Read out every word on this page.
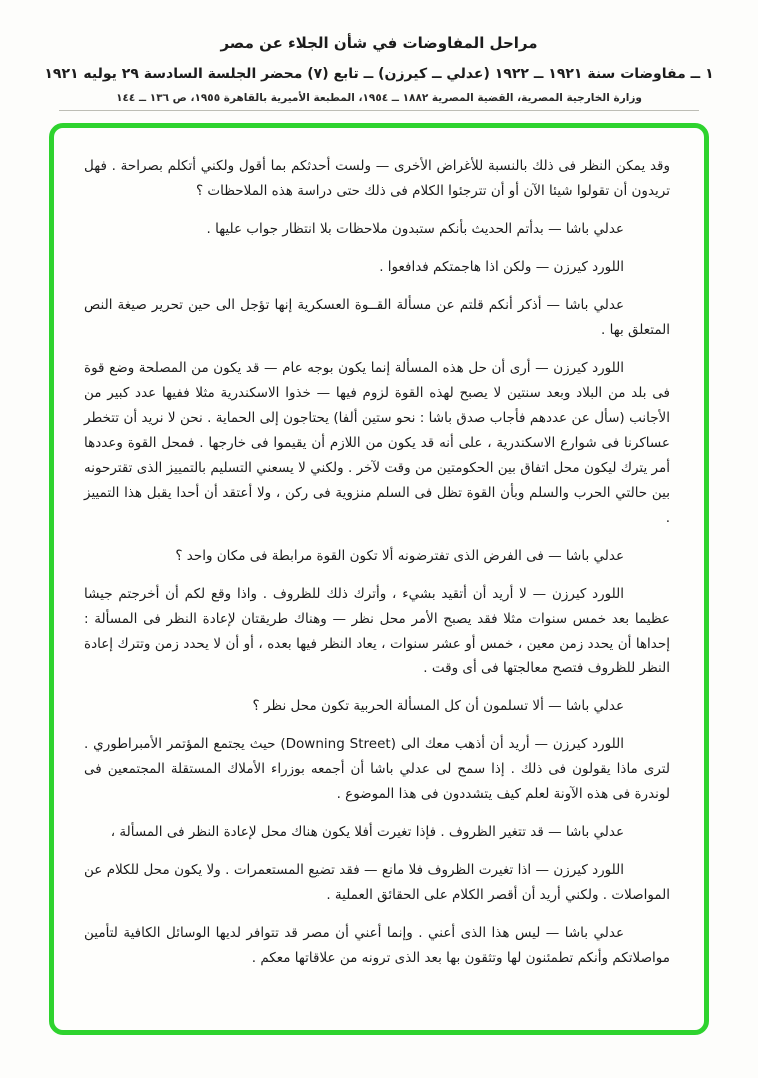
مراحل المفاوضات في شأن الجلاء عن مصر
١ ــ مفاوضات سنة ١٩٢١ ــ ١٩٢٢ (عدلي ــ كيرزن) ــ تابع (٧) محضر الجلسة السادسة ٢٩ يوليه ١٩٢١
وزارة الخارجية المصرية، القضية المصرية ١٨٨٢ ــ ١٩٥٤، المطبعة الأميرية بالقاهرة ١٩٥٥، ص ١٣٦ ــ ١٤٤

وقد يمكن النظر فى ذلك بالنسبة للأغراض الأخرى — ولست أحدثكم بما أقول ولكني أتكلم بصراحة . فهل تريدون أن تقولوا شيئا الآن أو أن تترجئوا الكلام فى ذلك حتى دراسة هذه الملاحظات ؟

عدلي باشا — بدأتم الحديث بأنكم ستبدون ملاحظات بلا انتظار جواب عليها .

اللورد كيرزن — ولكن اذا هاجمتكم فدافعوا .

عدلي باشا — أذكر أنكم قلتم عن مسألة القــوة العسكرية إنها تؤجل الى حين تحرير صيغة النص المتعلق بها .

اللورد كيرزن — أرى أن حل هذه المسألة إنما يكون بوجه عام — قد يكون من المصلحة وضع قوة فى بلد من البلاد وبعد سنتين لا يصبح لهذه القوة لزوم فيها — خذوا الاسكندرية مثلا ففيها عدد كبير من الأجانب (سأل عن عددهم فأجاب صدق باشا : نحو ستين ألفا) يحتاجون إلى الحماية . نحن لا نريد أن تتخطر عساكرنا فى شوارع الاسكندرية ، على أنه قد يكون من اللازم أن يقيموا فى خارجها . فمحل القوة وعددها أمر يترك ليكون محل اتفاق بين الحكومتين من وقت لآخر . ولكني لا يسعني التسليم بالتمييز الذى تقترحونه بين حالتي الحرب والسلم وبأن القوة تظل فى السلم منزوية فى ركن ، ولا أعتقد أن أحدا يقبل هذا التمييز .

عدلي باشا — فى الفرض الذى تفترضونه ألا تكون القوة مرابطة فى مكان واحد ؟

اللورد كيرزن — لا أريد أن أتقيد بشيء ، وأترك ذلك للظروف . واذا وقع لكم أن أخرجتم جيشا عظيما بعد خمس سنوات مثلا فقد يصبح الأمر محل نظر — وهناك طريقتان لإعادة النظر فى المسألة : إحداها أن يحدد زمن معين ، خمس أو عشر سنوات ، يعاد النظر فيها بعده ، أو أن لا يحدد زمن وتترك إعادة النظر للظروف فتصح معالجتها فى أى وقت .

عدلي باشا — ألا تسلمون أن كل المسألة الحربية تكون محل نظر ؟

اللورد كيرزن — أريد أن أذهب معك الى (Downing Street) حيث يجتمع المؤتمر الأمبراطوري . لترى ماذا يقولون فى ذلك . إذا سمح لى عدلي باشا أن أجمعه بوزراء الأملاك المستقلة المجتمعين فى لوندرة فى هذه الآونة لعلم كيف يتشددون فى هذا الموضوع .

عدلي باشا — قد تتغير الظروف . فإذا تغيرت أفلا يكون هناك محل لإعادة النظر فى المسألة ،

اللورد كيرزن — اذا تغيرت الظروف فلا مانع — فقد تضيع المستعمرات . ولا يكون محل للكلام عن المواصلات . ولكني أريد أن أقصر الكلام على الحقائق العملية .

عدلي باشا — ليس هذا الذى أعني . وإنما أعني أن مصر قد تتوافر لديها الوسائل الكافية لتأمين مواصلاتكم وأنكم تطمئنون لها وتثقون بها بعد الذى ترونه من علاقاتها معكم .
